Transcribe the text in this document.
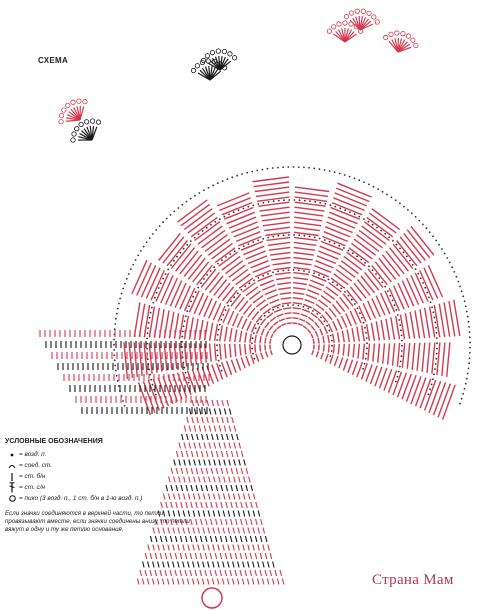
СХЕМА
УСЛОВНЫЕ ОБОЗНАЧЕНИЯ
= возд. п.
= соед. ст.
= ст. б/н
= ст. с/н
= пико (3 возд. п., 1 ст. б/н в 1-ю возд. п.)
Если значки соединяются в верхней части, то петли провязывают вместе, если значки соединены внизу, то петли вяжут в одну и ту же петлю основания.
Страна Мам
